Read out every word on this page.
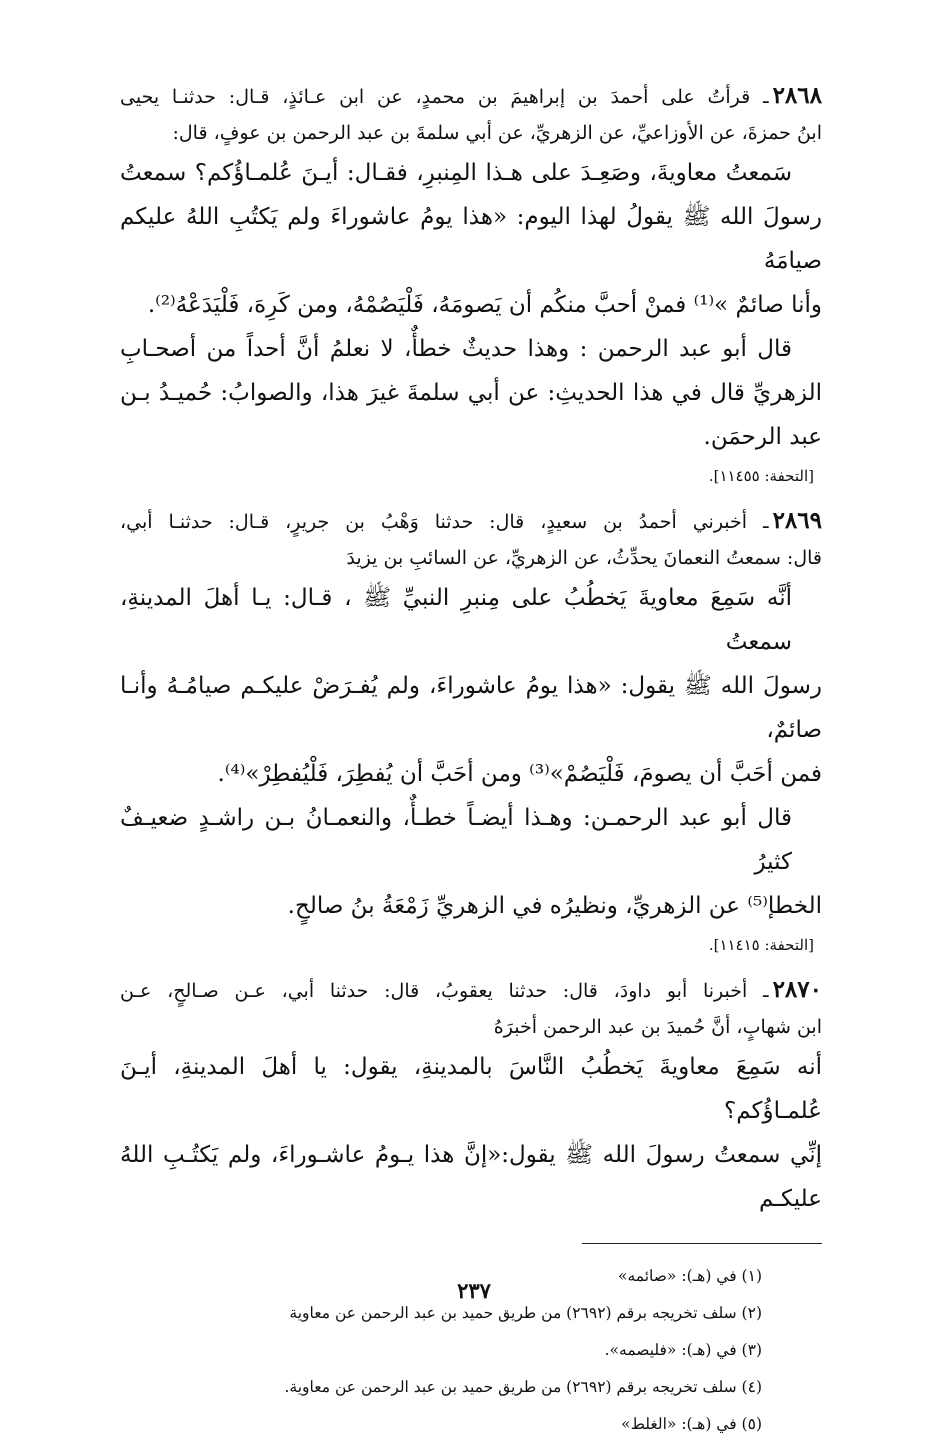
٢٨٦٨ـ قرأتُ على أحمدَ بن إبراهيمَ بن محمدٍ، عن ابن عـائذٍ، قـال: حدثنـا يحيى

ابنُ حمزةَ، عن الأوزاعيِّ، عن الزهريِّ، عن أبي سلمةَ بن عبد الرحمن بن عوفٍ، قال:

سَمعتُ معاويةَ، وصَعِـدَ على هـذا المِنبرِ، فقـال: أيـنَ عُلمـاؤُكم؟ سمعتُ

رسولَ الله ﷺ يقولُ لهذا اليوم: «هذا يومُ عاشوراءَ ولم يَكتُبِ اللهُ عليكم صيامَهُ

وأنا صائمٌ »⁽¹⁾ فمنْ أحبَّ منكُم أن يَصومَهُ، فَلْيَصُمْهُ، ومن كَرِهَ، فَلْيَدَعْهُ⁽²⁾.

قال أبو عبد الرحمن : وهذا حديثٌ خطأٌ، لا نعلمُ أنَّ أحداً من أصحـابِ

الزهريِّ قال في هذا الحديثِ: عن أبي سلمةَ غيرَ هذا، والصوابُ: حُميـدُ بـن

عبد الرحمَن.

[التحفة: ١١٤٥٥].

٢٨٦٩ـ أخبرني أحمدُ بن سعيدٍ، قال: حدثنا وَهْبُ بن جريرٍ، قـال: حدثنـا أبي،

قال: سمعتُ النعمانَ يحدِّثُ، عن الزهريِّ، عن السائبِ بن يزيدَ

أنَّه سَمِعَ معاويةَ يَخطُبُ على مِنبرِ النبيِّ ﷺ ، قـال: يـا أهلَ المدينةِ، سمعتُ

رسولَ الله ﷺ يقول: «هذا يومُ عاشوراءَ، ولم يُفـرَضْ عليكـم صيامُـهُ وأنـا صائمٌ،

فمن أحَبَّ أن يصومَ، فَلْيَصُمْ»⁽³⁾ ومن أحَبَّ أن يُفطِرَ، فَلْيُفطِرْ»⁽⁴⁾.

قال أبو عبد الرحمـن: وهـذا أيضـاً خطـأٌ، والنعمـانُ بـن راشـدٍ ضعيـفٌ كثيرُ

الخطإ⁽⁵⁾ عن الزهريِّ، ونظيرُه في الزهريِّ زَمْعَةُ بنُ صالحٍ.

[التحفة: ١١٤١٥].

٢٨٧٠ـ أخبرنا أبو داودَ، قال: حدثنا يعقوبُ، قال: حدثنا أبي، عـن صـالحٍ، عـن

ابن شهابٍ، أنَّ حُميدَ بن عبد الرحمن أخبرَهُ

أنه سَمِعَ معاويةَ يَخطُبُ النَّاسَ بالمدينةِ، يقول: يا أهلَ المدينةِ، أيـنَ عُلمـاؤُكم؟

إنِّي سمعتُ رسولَ الله ﷺ يقول:«إنَّ هذا يـومُ عاشـوراءَ، ولم يَكتُـبِ اللهُ عليكـم

(١) في (هـ): «صائمه»

(٢) سلف تخريجه برقم (٢٦٩٢) من طريق حميد بن عبد الرحمن عن معاوية

(٣) في (هـ): «فليصمه».

(٤) سلف تخريجه برقم (٢٦٩٢) من طريق حميد بن عبد الرحمن عن معاوية.

(٥) في (هـ): «الغلط»

٢٣٧
